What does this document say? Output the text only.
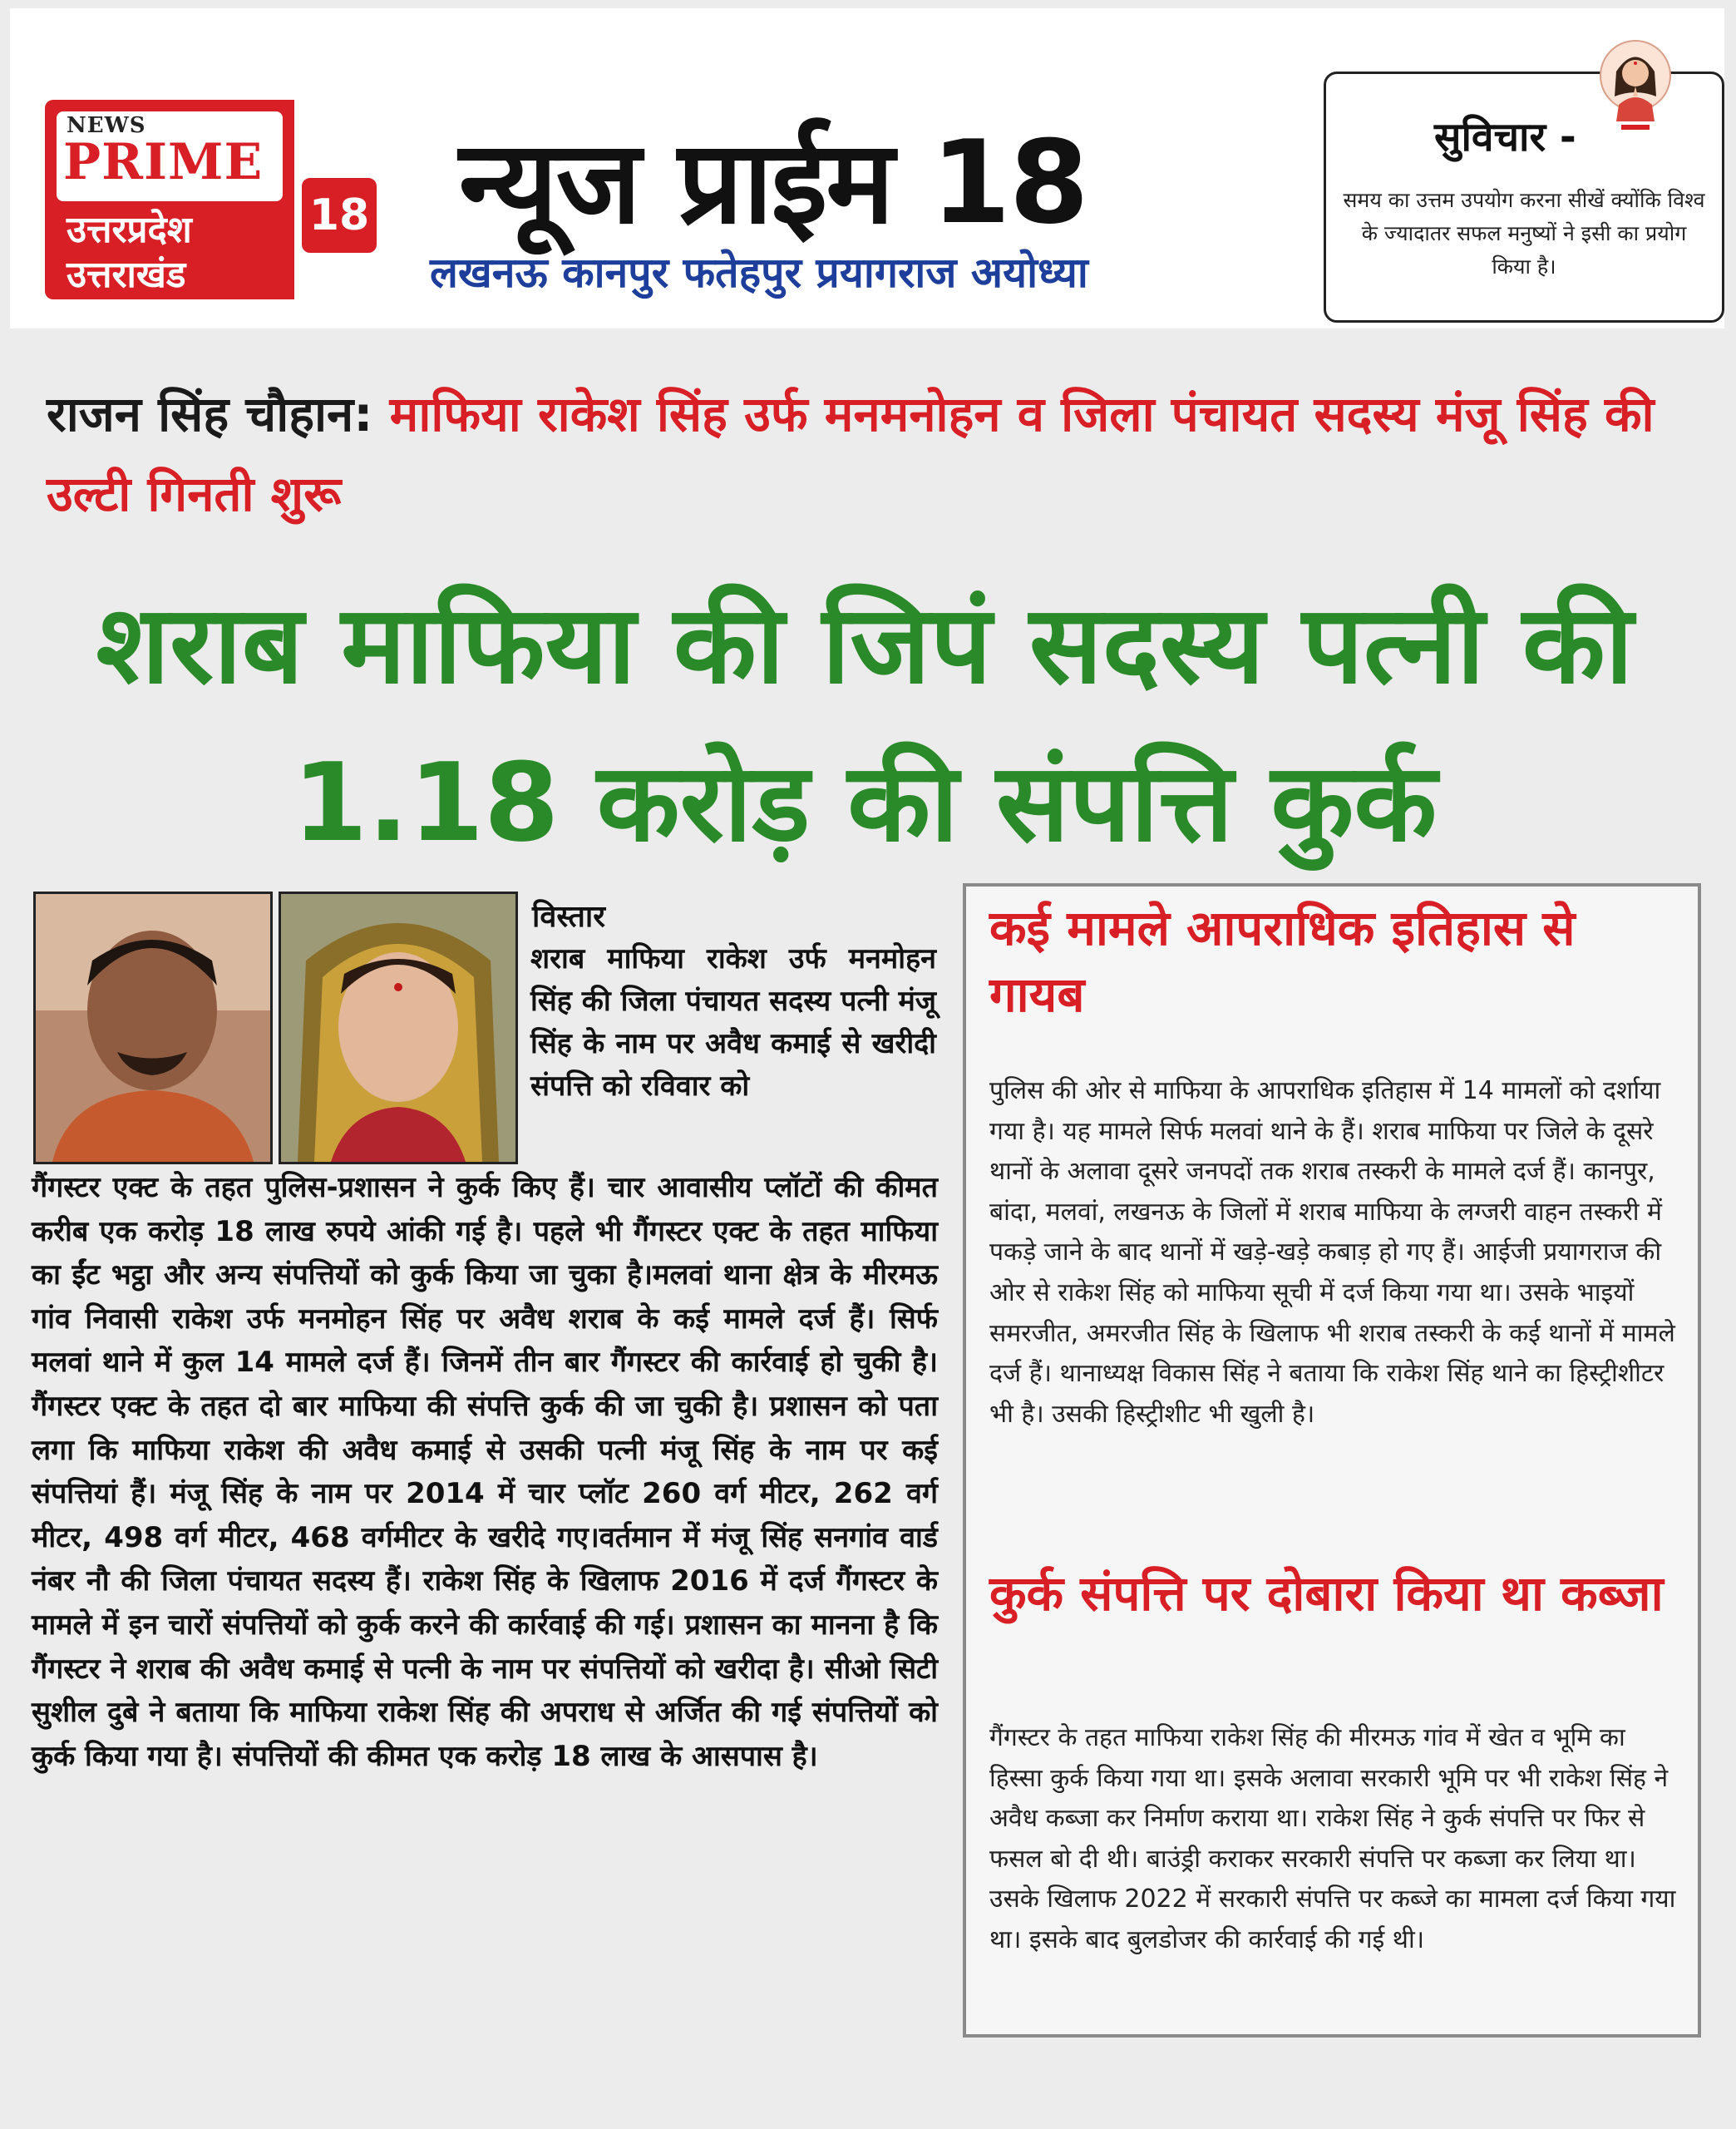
NEWS
PRIME
उत्तरप्रदेश
उत्तराखंड
18 न्यूज प्राईम 18
लखनऊ कानपुर फतेहपुर प्रयागराज अयोध्या
सुविचार -
समय का उत्तम उपयोग करना सीखें क्योंकि विश्व के ज्यादातर सफल मनुष्यों ने इसी का प्रयोग किया है।
राजन सिंह चौहान: माफिया राकेश सिंह उर्फ मनमनोहन व जिला पंचायत सदस्य मंजू सिंह की उल्टी गिनती शुरू
शराब माफिया की जिपं सदस्य पत्नी की 1.18 करोड़ की संपत्ति कुर्क
विस्तार
शराब माफिया राकेश उर्फ मनमोहन सिंह की जिला पंचायत सदस्य पत्नी मंजू सिंह के नाम पर अवैध कमाई से खरीदी संपत्ति को रविवार को
गैंगस्टर एक्ट के तहत पुलिस-प्रशासन ने कुर्क किए हैं। चार आवासीय प्लॉटों की कीमत करीब एक करोड़ 18 लाख रुपये आंकी गई है। पहले भी गैंगस्टर एक्ट के तहत माफिया का ईंट भट्ठा और अन्य संपत्तियों को कुर्क किया जा चुका है।मलवां थाना क्षेत्र के मीरमऊ गांव निवासी राकेश उर्फ मनमोहन सिंह पर अवैध शराब के कई मामले दर्ज हैं। सिर्फ मलवां थाने में कुल 14 मामले दर्ज हैं। जिनमें तीन बार गैंगस्टर की कार्रवाई हो चुकी है। गैंगस्टर एक्ट के तहत दो बार माफिया की संपत्ति कुर्क की जा चुकी है। प्रशासन को पता लगा कि माफिया राकेश की अवैध कमाई से उसकी पत्नी मंजू सिंह के नाम पर कई संपत्तियां हैं। मंजू सिंह के नाम पर 2014 में चार प्लॉट 260 वर्ग मीटर, 262 वर्ग मीटर, 498 वर्ग मीटर, 468 वर्गमीटर के खरीदे गए।वर्तमान में मंजू सिंह सनगांव वार्ड नंबर नौ की जिला पंचायत सदस्य हैं। राकेश सिंह के खिलाफ 2016 में दर्ज गैंगस्टर के मामले में इन चारों संपत्तियों को कुर्क करने की कार्रवाई की गई। प्रशासन का मानना है कि गैंगस्टर ने शराब की अवैध कमाई से पत्नी के नाम पर संपत्तियों को खरीदा है। सीओ सिटी सुशील दुबे ने बताया कि माफिया राकेश सिंह की अपराध से अर्जित की गई संपत्तियों को कुर्क किया गया है। संपत्तियों की कीमत एक करोड़ 18 लाख के आसपास है।
कई मामले आपराधिक इतिहास से गायब
पुलिस की ओर से माफिया के आपराधिक इतिहास में 14 मामलों को दर्शाया गया है। यह मामले सिर्फ मलवां थाने के हैं। शराब माफिया पर जिले के दूसरे थानों के अलावा दूसरे जनपदों तक शराब तस्करी के मामले दर्ज हैं। कानपुर, बांदा, मलवां, लखनऊ के जिलों में शराब माफिया के लग्जरी वाहन तस्करी में पकड़े जाने के बाद थानों में खड़े-खड़े कबाड़ हो गए हैं। आईजी प्रयागराज की ओर से राकेश सिंह को माफिया सूची में दर्ज किया गया था। उसके भाइयों समरजीत, अमरजीत सिंह के खिलाफ भी शराब तस्करी के कई थानों में मामले दर्ज हैं। थानाध्यक्ष विकास सिंह ने बताया कि राकेश सिंह थाने का हिस्ट्रीशीटर भी है। उसकी हिस्ट्रीशीट भी खुली है।
कुर्क संपत्ति पर दोबारा किया था कब्जा
गैंगस्टर के तहत माफिया राकेश सिंह की मीरमऊ गांव में खेत व भूमि का हिस्सा कुर्क किया गया था। इसके अलावा सरकारी भूमि पर भी राकेश सिंह ने अवैध कब्जा कर निर्माण कराया था। राकेश सिंह ने कुर्क संपत्ति पर फिर से फसल बो दी थी। बाउंड्री कराकर सरकारी संपत्ति पर कब्जा कर लिया था। उसके खिलाफ 2022 में सरकारी संपत्ति पर कब्जे का मामला दर्ज किया गया था। इसके बाद बुलडोजर की कार्रवाई की गई थी।
